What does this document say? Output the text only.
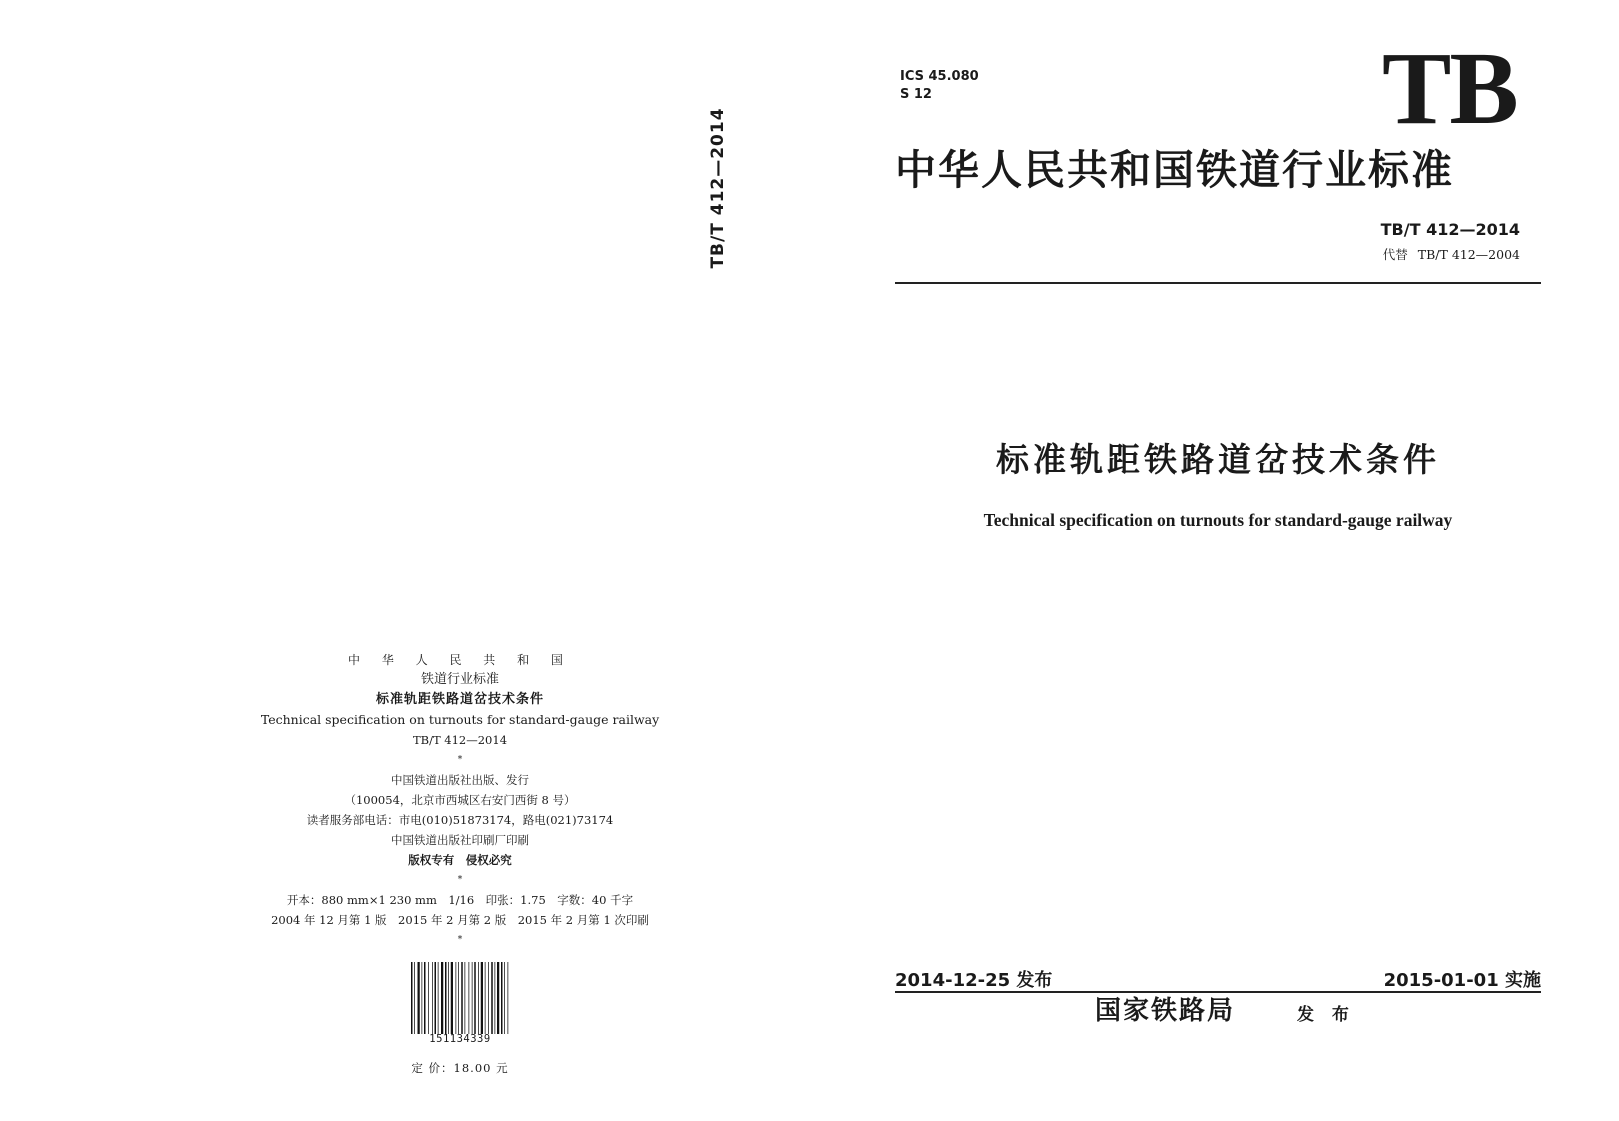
TB/T 412—2014
中 华 人 民 共 和 国
铁道行业标准
标准轨距铁路道岔技术条件
Technical specification on turnouts for standard-gauge railway
TB/T 412—2014
*
中国铁道出版社出版、发行
（100054，北京市西城区右安门西街 8 号）
读者服务部电话：市电(010)51873174，路电(021)73174
中国铁道出版社印刷厂印刷
版权专有　侵权必究
*
开本：880 mm×1 230 mm　1/16　印张：1.75　字数：40 千字
2004 年 12 月第 1 版　2015 年 2 月第 2 版　2015 年 2 月第 1 次印刷
*
151134339
定 价：18.00 元
ICS 45.080
S 12	TB
中华人民共和国铁道行业标准
TB/T 412—2014
代替 TB/T 412—2004
标准轨距铁路道岔技术条件
Technical specification on turnouts for standard-gauge railway
2014-12-25 发布	2015-01-01 实施
国家铁路局	发 布
